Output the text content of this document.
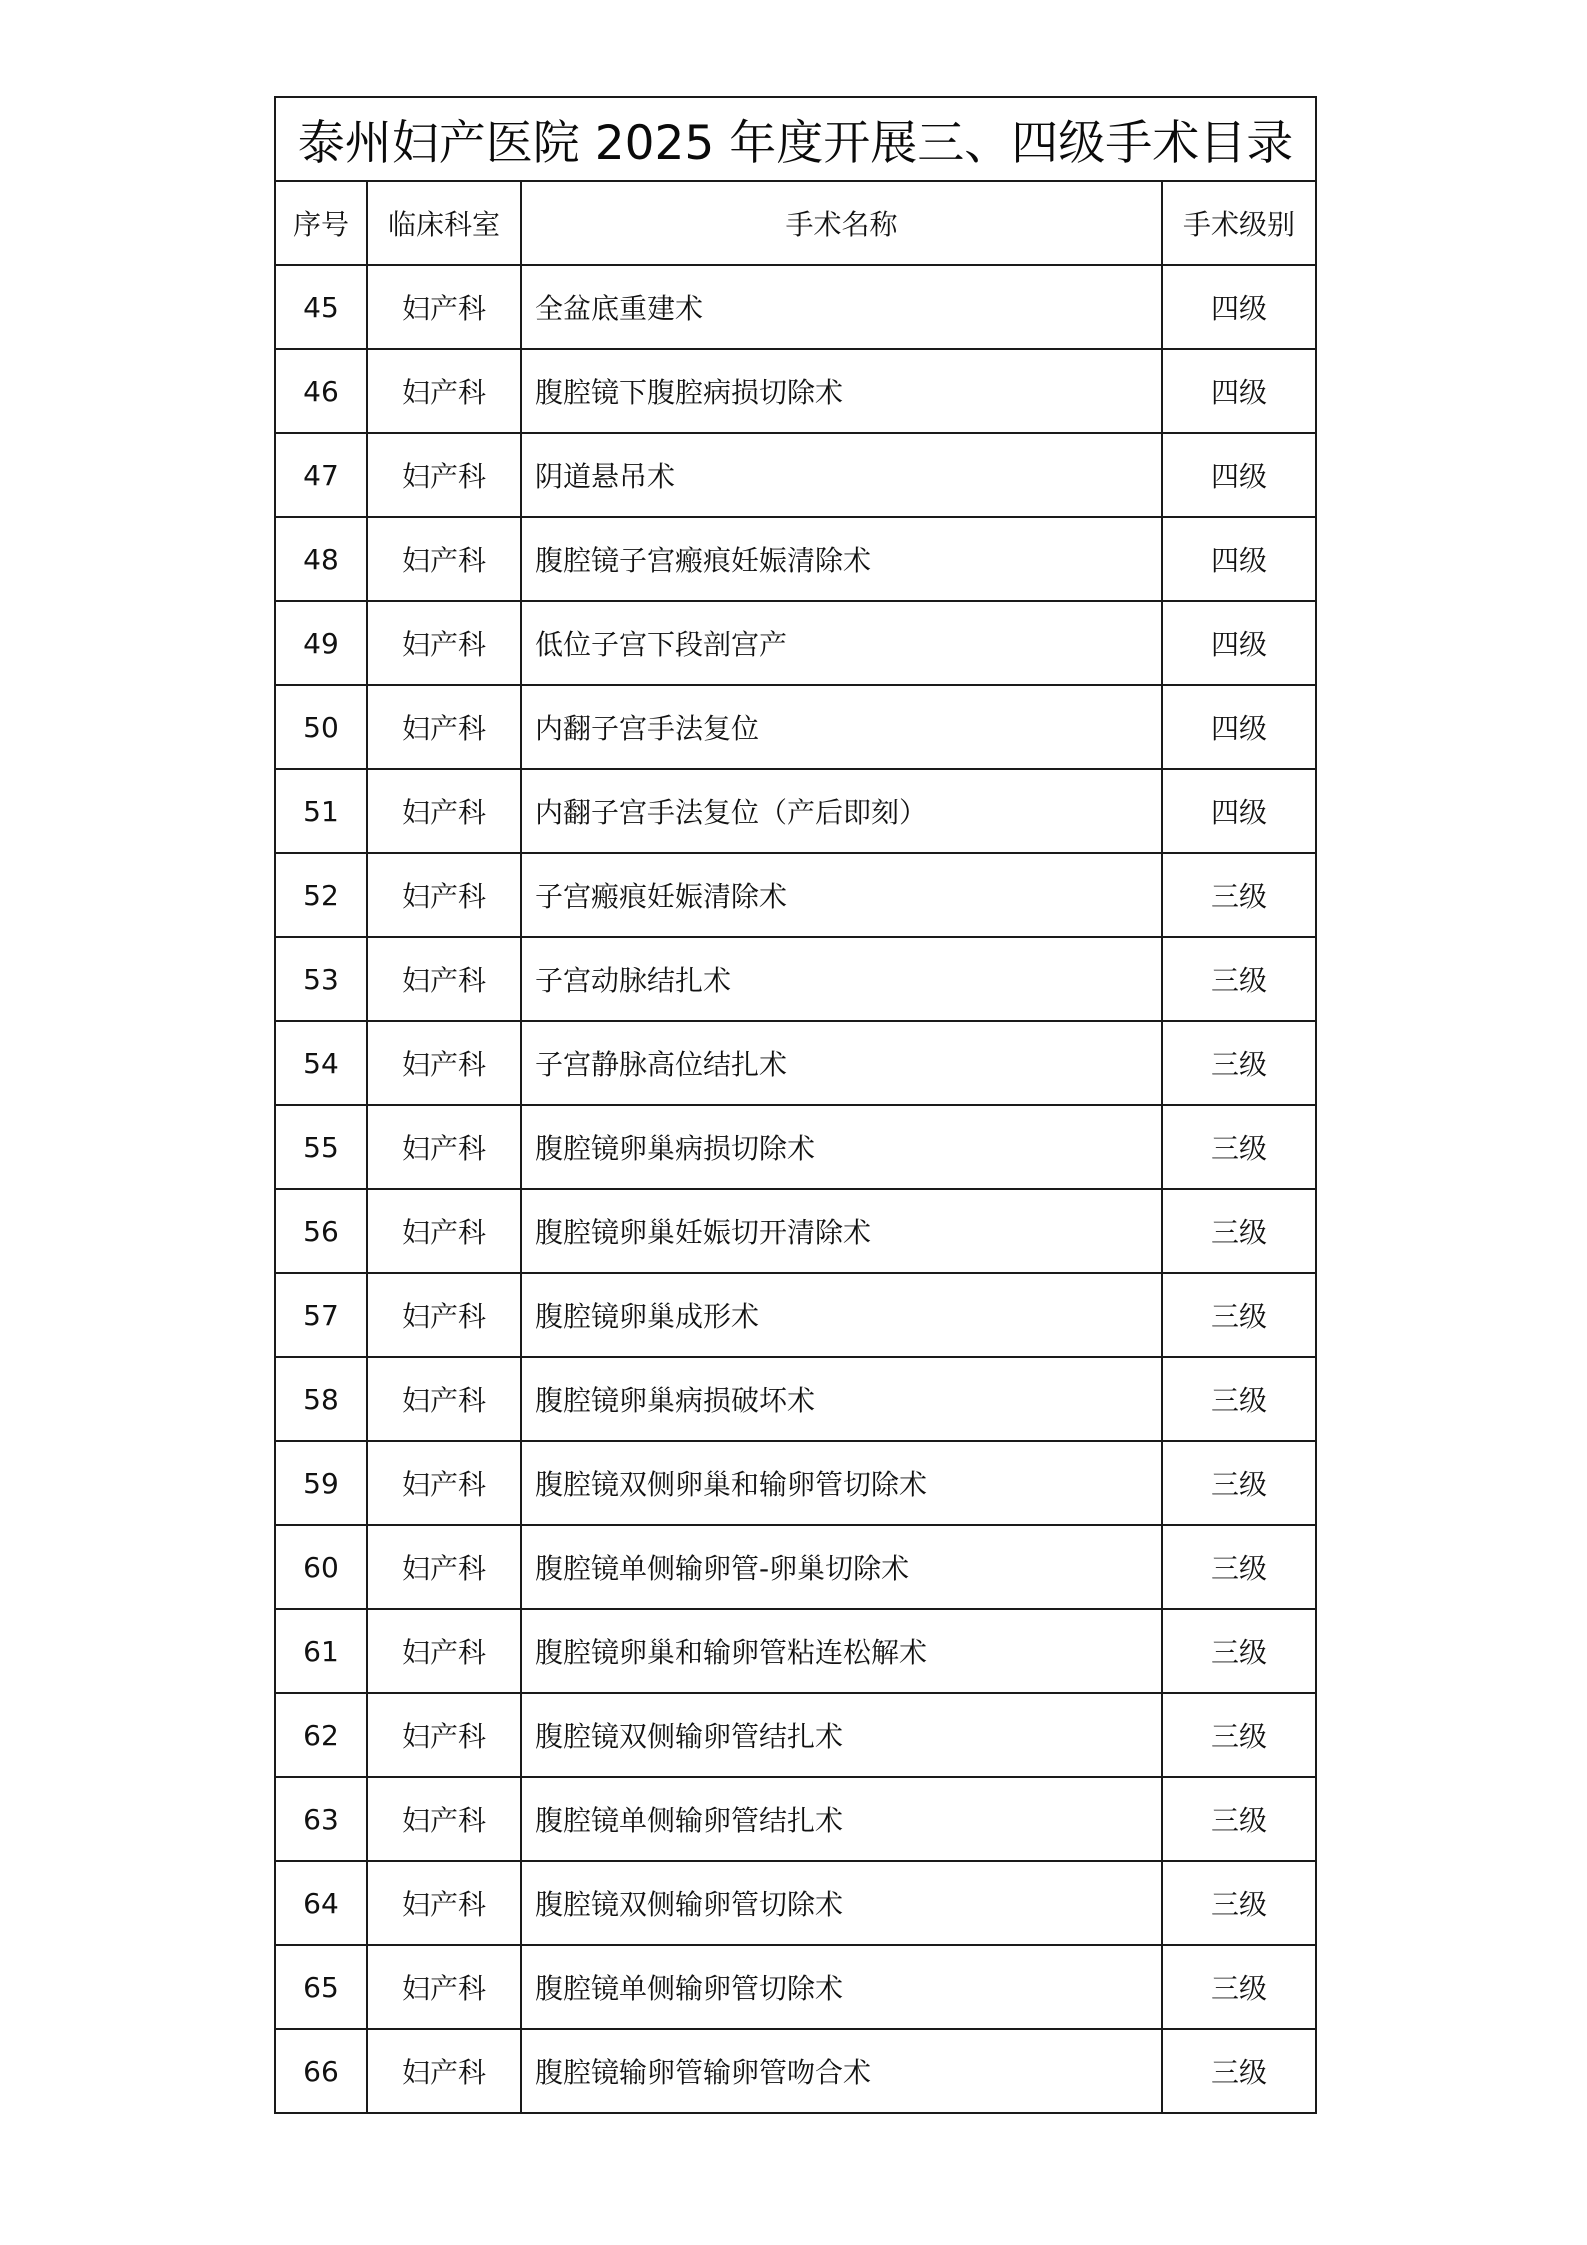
泰州妇产医院 2025 年度开展三、四级手术目录			
序号	临床科室	手术名称	手术级别
45	妇产科	全盆底重建术	四级
46	妇产科	腹腔镜下腹腔病损切除术	四级
47	妇产科	阴道悬吊术	四级
48	妇产科	腹腔镜子宫瘢痕妊娠清除术	四级
49	妇产科	低位子宫下段剖宫产	四级
50	妇产科	内翻子宫手法复位	四级
51	妇产科	内翻子宫手法复位（产后即刻）	四级
52	妇产科	子宫瘢痕妊娠清除术	三级
53	妇产科	子宫动脉结扎术	三级
54	妇产科	子宫静脉高位结扎术	三级
55	妇产科	腹腔镜卵巢病损切除术	三级
56	妇产科	腹腔镜卵巢妊娠切开清除术	三级
57	妇产科	腹腔镜卵巢成形术	三级
58	妇产科	腹腔镜卵巢病损破坏术	三级
59	妇产科	腹腔镜双侧卵巢和输卵管切除术	三级
60	妇产科	腹腔镜单侧输卵管-卵巢切除术	三级
61	妇产科	腹腔镜卵巢和输卵管粘连松解术	三级
62	妇产科	腹腔镜双侧输卵管结扎术	三级
63	妇产科	腹腔镜单侧输卵管结扎术	三级
64	妇产科	腹腔镜双侧输卵管切除术	三级
65	妇产科	腹腔镜单侧输卵管切除术	三级
66	妇产科	腹腔镜输卵管输卵管吻合术	三级
